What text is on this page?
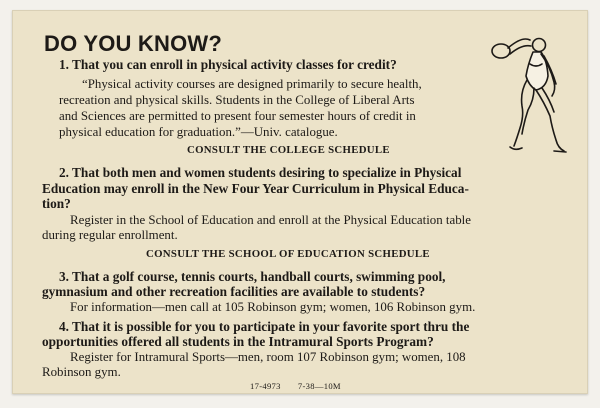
DO YOU KNOW?
1. That you can enroll in physical activity classes for credit?
“Physical activity courses are designed primarily to secure health,
recreation and physical skills. Students in the College of Liberal Arts
and Sciences are permitted to present four semester hours of credit in
physical education for graduation.”—Univ. catalogue.
CONSULT THE COLLEGE SCHEDULE
2. That both men and women students desiring to specialize in Physical
Education may enroll in the New Four Year Curriculum in Physical Educa-
tion?
Register in the School of Education and enroll at the Physical Education table
during regular enrollment.
CONSULT THE SCHOOL OF EDUCATION SCHEDULE
3. That a golf course, tennis courts, handball courts, swimming pool,
gymnasium and other recreation facilities are available to students?
For information—men call at 105 Robinson gym; women, 106 Robinson gym.
4. That it is possible for you to participate in your favorite sport thru the
opportunities offered all students in the Intramural Sports Program?
Register for Intramural Sports—men, room 107 Robinson gym; women, 108
Robinson gym.
17-4973       7-38—10M
